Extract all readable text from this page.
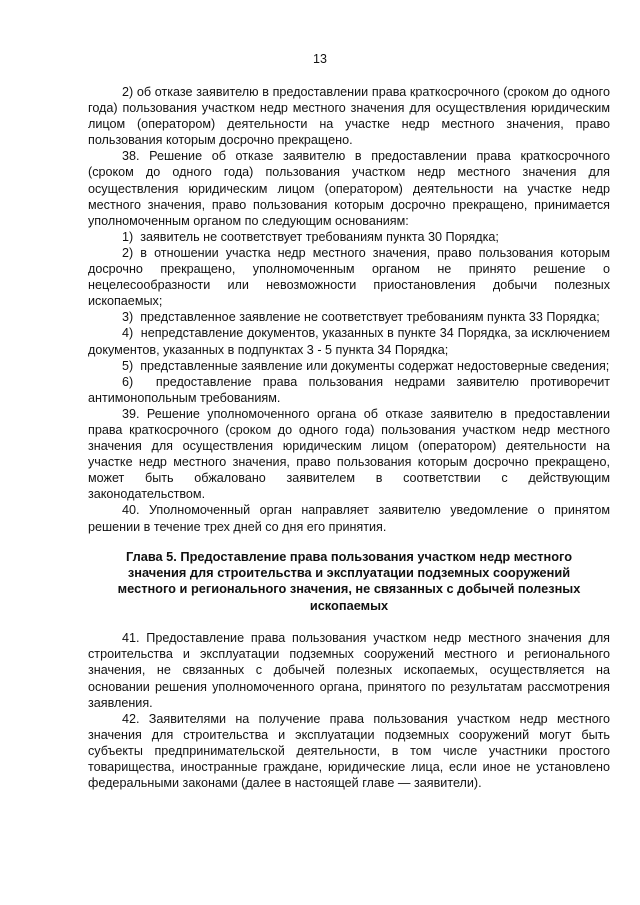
13

2) об отказе заявителю в предоставлении права краткосрочного (сроком до одного года) пользования участком недр местного значения для осуществления юридическим лицом (оператором) деятельности на участке недр местного значения, право пользования которым досрочно прекращено.

38. Решение об отказе заявителю в предоставлении права краткосрочного (сроком до одного года) пользования участком недр местного значения для осуществления юридическим лицом (оператором) деятельности на участке недр местного значения, право пользования которым досрочно прекращено, принимается уполномоченным органом по следующим основаниям:

1)  заявитель не соответствует требованиям пункта 30 Порядка;

2) в отношении участка недр местного значения, право пользования которым досрочно прекращено, уполномоченным органом не принято решение о нецелесообразности или невозможности приостановления добычи полезных ископаемых;

3)  представленное заявление не соответствует требованиям пункта 33 Порядка;

4)  непредставление документов, указанных в пункте 34 Порядка, за исключением документов, указанных в подпунктах 3 - 5 пункта 34 Порядка;

5)  представленные заявление или документы содержат недостоверные сведения;

6)  предоставление права пользования недрами заявителю противоречит антимонопольным требованиям.

39. Решение уполномоченного органа об отказе заявителю в предоставлении права краткосрочного (сроком до одного года) пользования участком недр местного значения для осуществления юридическим лицом (оператором) деятельности на участке недр местного значения, право пользования которым досрочно прекращено, может быть обжаловано заявителем в соответствии с действующим законодательством.

40. Уполномоченный орган направляет заявителю уведомление о принятом решении в течение трех дней со дня его принятия.

Глава 5. Предоставление права пользования участком недр местного значения для строительства и эксплуатации подземных сооружений местного и регионального значения, не связанных с добычей полезных ископаемых

41. Предоставление права пользования участком недр местного значения для строительства и эксплуатации подземных сооружений местного и регионального значения, не связанных с добычей полезных ископаемых, осуществляется на основании решения уполномоченного органа, принятого по результатам рассмотрения заявления.

42. Заявителями на получение права пользования участком недр местного значения для строительства и эксплуатации подземных сооружений могут быть субъекты предпринимательской деятельности, в том числе участники простого товарищества, иностранные граждане, юридические лица, если иное не установлено федеральными законами (далее в настоящей главе — заявители).
